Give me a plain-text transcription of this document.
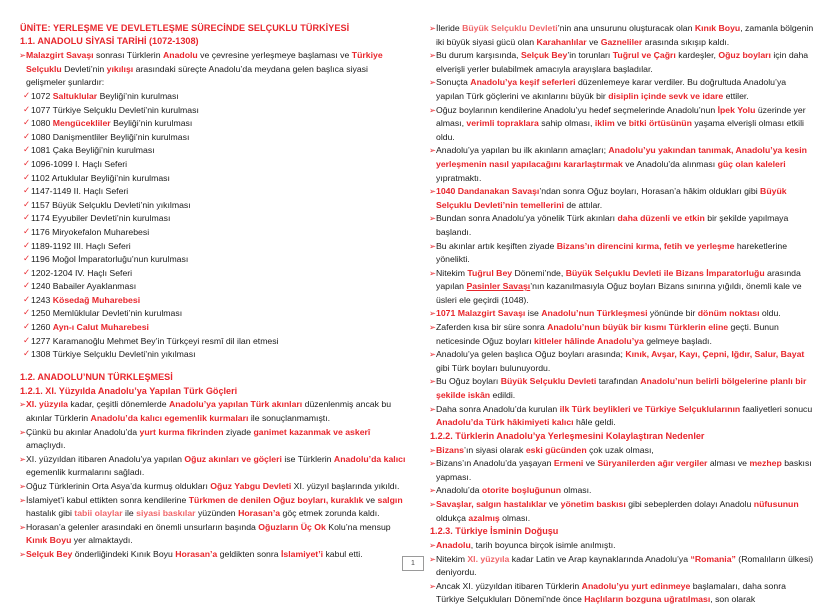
ÜNİTE: YERLEŞME VE DEVLETLEŞME SÜRECİNDE SELÇUKLU TÜRKİYESİ
1.1. ANADOLU SİYASİ TARİHİ (1072-1308)
➢ Malazgirt Savaşı sonrası Türklerin Anadolu ve çevresine yerleşmeye başlaması ve Türkiye Selçuklu Devleti’nin yıkılışı arasındaki süreçte Anadolu’da meydana gelen başlıca siyasi gelişmeler şunlardır:
✓ 1072 Saltuklular Beyliği’nin kurulması
✓ 1077 Türkiye Selçuklu Devleti’nin kurulması
✓ 1080 Mengücekliler Beyliği’nin kurulması
✓ 1080 Danişmentliler Beyliği’nin kurulması
✓ 1081 Çaka Beyliği’nin kurulması
✓ 1096-1099 I. Haçlı Seferi
✓ 1102 Artuklular Beyliği’nin kurulması
✓ 1147-1149 II. Haçlı Seferi
✓ 1157 Büyük Selçuklu Devleti’nin yıkılması
✓ 1174 Eyyubiler Devleti’nin kurulması
✓ 1176 Miryokefalon Muharebesi
✓ 1189-1192 III. Haçlı Seferi
✓ 1196 Moğol İmparatorluğu’nun kurulması
✓ 1202-1204 IV. Haçlı Seferi
✓ 1240 Babailer Ayaklanması
✓ 1243 Kösedağ Muharebesi
✓ 1250 Memlûklular Devleti’nin kurulması
✓ 1260 Ayn-ı Calut Muharebesi
✓ 1277 Karamanoğlu Mehmet Bey’in Türkçeyi resmî dil ilan etmesi
✓ 1308 Türkiye Selçuklu Devleti’nin yıkılması
1.2. ANADOLU’NUN TÜRKLEŞMESİ
1.2.1. XI. Yüzyılda Anadolu’ya Yapılan Türk Göçleri
➢ XI. yüzyıla kadar, çeşitli dönemlerde Anadolu’ya yapılan Türk akınları düzenlenmiş ancak bu akınlar Türklerin Anadolu’da kalıcı egemenlik kurmaları ile sonuçlanmamıştı.
➢ Çünkü bu akınlar Anadolu’da yurt kurma fikrinden ziyade ganimet kazanmak ve askerî amaçlıydı.
➢ XI. yüzyıldan itibaren Anadolu’ya yapılan Oğuz akınları ve göçleri ise Türklerin Anadolu’da kalıcı egemenlik kurmalarını sağladı.
➢ Oğuz Türklerinin Orta Asya’da kurmuş oldukları Oğuz Yabgu Devleti XI. yüzyıl başlarında yıkıldı.
➢ İslamiyet’i kabul ettikten sonra kendilerine Türkmen de denilen Oğuz boyları, kuraklık ve salgın hastalık gibi tabii olaylar ile siyasi baskılar yüzünden Horasan’a göç etmek zorunda kaldı.
➢ Horasan’a gelenler arasındaki en önemli unsurların başında Oğuzların Üç Ok Kolu’na mensup Kınık Boyu yer almaktaydı.
➢ Selçuk Bey önderliğindeki Kınık Boyu Horasan’a geldikten sonra İslamiyet’i kabul etti.
➢ İleride Büyük Selçuklu Devleti’nin ana unsurunu oluşturacak olan Kınık Boyu, zamanla bölgenin iki büyük siyasi gücü olan Karahanlılar ve Gazneliler arasında sıkışıp kaldı.
➢ Bu durum karşısında, Selçuk Bey’in torunları Tuğrul ve Çağrı kardeşler, Oğuz boyları için daha elverişli yerler bulabilmek amacıyla arayışlara başladılar.
➢ Sonuçta Anadolu’ya keşif seferleri düzenlemeye karar verdiler. Bu doğrultuda Anadolu’ya yapılan Türk göçlerini ve akınlarını büyük bir disiplin içinde sevk ve idare ettiler.
➢ Oğuz boylarının kendilerine Anadolu’yu hedef seçmelerinde Anadolu’nun İpek Yolu üzerinde yer alması, verimli topraklara sahip olması, iklim ve bitki örtüsünün yaşama elverişli olması etkili oldu.
➢ Anadolu’ya yapılan bu ilk akınların amaçları; Anadolu’yu yakından tanımak, Anadolu’ya kesin yerleşmenin nasıl yapılacağını kararlaştırmak ve Anadolu’da alınması güç olan kaleleri yıpratmaktı.
➢ 1040 Dandanakan Savaşı’ndan sonra Oğuz boyları, Horasan’a hâkim oldukları gibi Büyük Selçuklu Devleti’nin temellerini de attılar.
➢ Bundan sonra Anadolu’ya yönelik Türk akınları daha düzenli ve etkin bir şekilde yapılmaya başlandı.
➢ Bu akınlar artık keşiften ziyade Bizans’ın direncini kırma, fetih ve yerleşme hareketlerine yönelikti.
➢ Nitekim Tuğrul Bey Dönemi’nde, Büyük Selçuklu Devleti ile Bizans İmparatorluğu arasında yapılan Pasinler Savaşı’nın kazanılmasıyla Oğuz boyları Bizans sınırına yığıldı, önemli kale ve üsleri ele geçirdi (1048).
➢ 1071 Malazgirt Savaşı ise Anadolu’nun Türkleşmesi yönünde bir dönüm noktası oldu.
➢ Zaferden kısa bir süre sonra Anadolu’nun büyük bir kısmı Türklerin eline geçti. Bunun neticesinde Oğuz boyları kitleler hâlinde Anadolu’ya gelmeye başladı.
➢ Anadolu’ya gelen başlıca Oğuz boyları arasında; Kınık, Avşar, Kayı, Çepni, Iğdır, Salur, Bayat gibi Türk boyları bulunuyordu.
➢ Bu Oğuz boyları Büyük Selçuklu Devleti tarafından Anadolu’nun belirli bölgelerine planlı bir şekilde iskân edildi.
➢ Daha sonra Anadolu’da kurulan ilk Türk beylikleri ve Türkiye Selçuklularının faaliyetleri sonucu Anadolu’da Türk hâkimiyeti kalıcı hâle geldi.
1.2.2. Türklerin Anadolu’ya Yerleşmesini Kolaylaştıran Nedenler
➢ Bizans’ın siyasi olarak eski gücünden çok uzak olması,
➢ Bizans’ın Anadolu’da yaşayan Ermeni ve Süryanilerden ağır vergiler alması ve mezhep baskısı yapması.
➢ Anadolu’da otorite boşluğunun olması.
➢ Savaşlar, salgın hastalıklar ve yönetim baskısı gibi sebeplerden dolayı Anadolu nüfusunun oldukça azalmış olması.
1.2.3. Türkiye İsminin Doğuşu
➢ Anadolu, tarih boyunca birçok isimle anılmıştı.
➢ Nitekim XI. yüzyıla kadar Latin ve Arap kaynaklarında Anadolu’ya “Romania” (Romalıların ülkesi) deniyordu.
➢ Ancak XI. yüzyıldan itibaren Türklerin Anadolu’yu yurt edinmeye başlamaları, daha sonra Türkiye Selçukluları Dönemi’nde önce Haçlıların bozguna uğratılması, son olarak
1
